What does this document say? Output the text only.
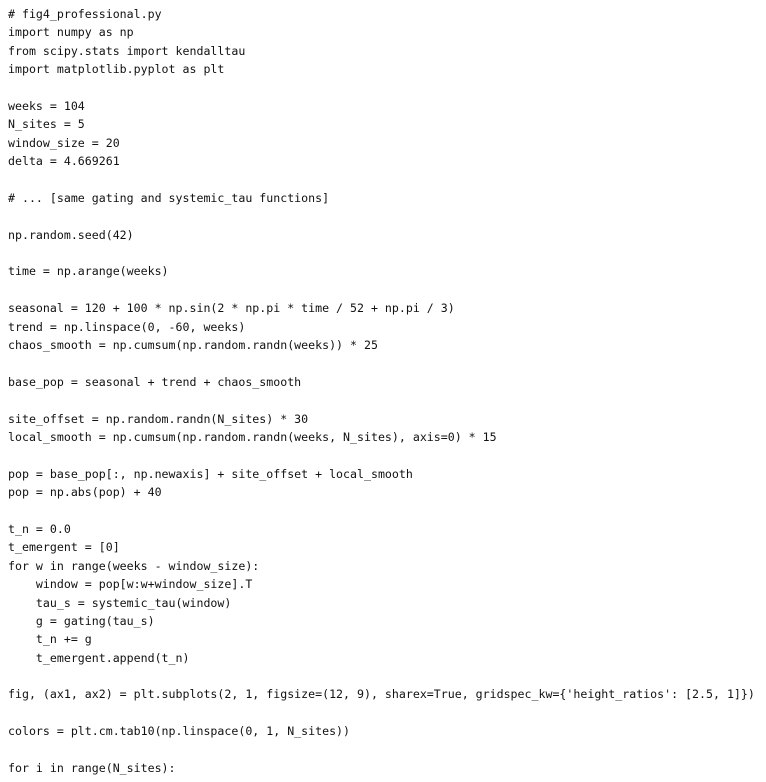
# fig4_professional.py
import numpy as np
from scipy.stats import kendalltau
import matplotlib.pyplot as plt
weeks = 104
N_sites = 5
window_size = 20
delta = 4.669261
# ... [same gating and systemic_tau functions]
np.random.seed(42)
time = np.arange(weeks)
seasonal = 120 + 100 * np.sin(2 * np.pi * time / 52 + np.pi / 3)
trend = np.linspace(0, -60, weeks)
chaos_smooth = np.cumsum(np.random.randn(weeks)) * 25
base_pop = seasonal + trend + chaos_smooth
site_offset = np.random.randn(N_sites) * 30
local_smooth = np.cumsum(np.random.randn(weeks, N_sites), axis=0) * 15
pop = base_pop[:, np.newaxis] + site_offset + local_smooth
pop = np.abs(pop) + 40
t_n = 0.0
t_emergent = [0]
for w in range(weeks - window_size):
window = pop[w:w+window_size].T
tau_s = systemic_tau(window)
g = gating(tau_s)
t_n += g
t_emergent.append(t_n)
fig, (ax1, ax2) = plt.subplots(2, 1, figsize=(12, 9), sharex=True, gridspec_kw={'height_ratios': [2.5, 1]})
colors = plt.cm.tab10(np.linspace(0, 1, N_sites))
for i in range(N_sites):
